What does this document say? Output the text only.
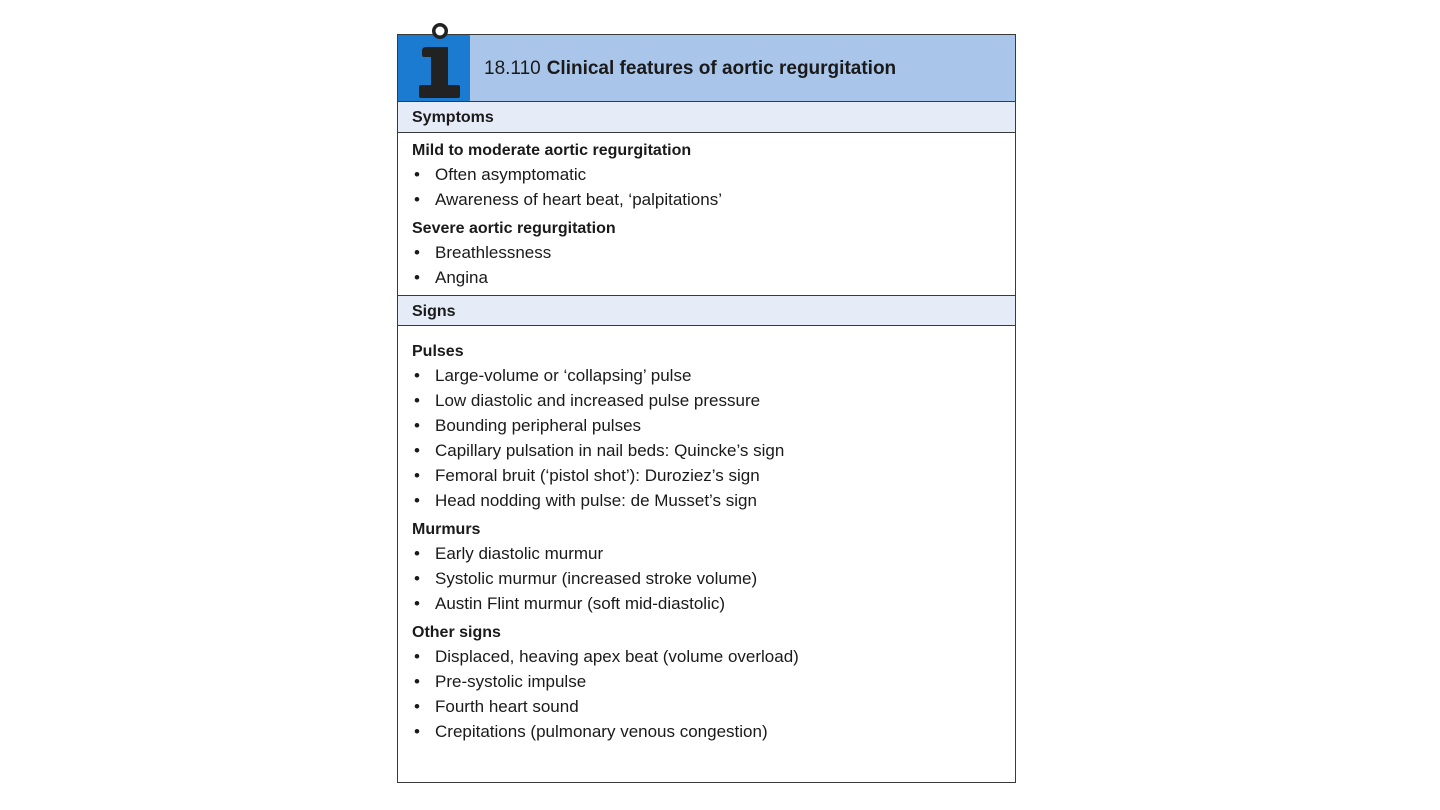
18.110 Clinical features of aortic regurgitation
Symptoms
Mild to moderate aortic regurgitation
• Often asymptomatic
• Awareness of heart beat, ‘palpitations’
Severe aortic regurgitation
• Breathlessness
• Angina
Signs
Pulses
• Large-volume or ‘collapsing’ pulse
• Low diastolic and increased pulse pressure
• Bounding peripheral pulses
• Capillary pulsation in nail beds: Quincke’s sign
• Femoral bruit (‘pistol shot’): Duroziez’s sign
• Head nodding with pulse: de Musset’s sign
Murmurs
• Early diastolic murmur
• Systolic murmur (increased stroke volume)
• Austin Flint murmur (soft mid-diastolic)
Other signs
• Displaced, heaving apex beat (volume overload)
• Pre-systolic impulse
• Fourth heart sound
• Crepitations (pulmonary venous congestion)
